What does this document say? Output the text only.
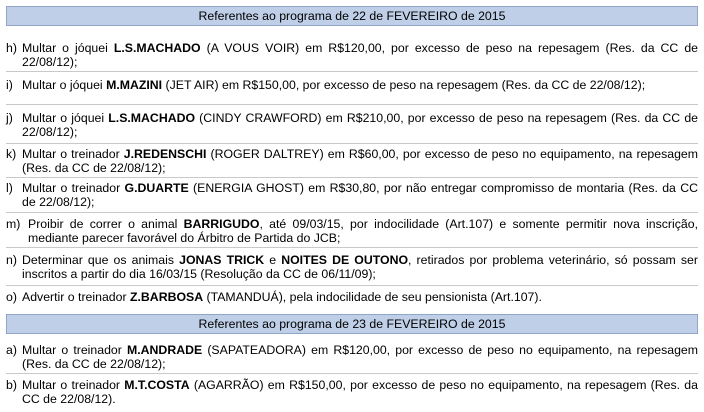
Referentes ao programa de 22 de FEVEREIRO de 2015
h) Multar o jóquei L.S.MACHADO (A VOUS VOIR) em R$120,00, por excesso de peso na repesagem (Res. da CC de 22/08/12);
i) Multar o jóquei M.MAZINI (JET AIR) em R$150,00, por excesso de peso na repesagem (Res. da CC de 22/08/12);
j) Multar o jóquei L.S.MACHADO (CINDY CRAWFORD) em R$210,00, por excesso de peso na repesagem (Res. da CC de 22/08/12);
k) Multar o treinador J.REDENSCHI (ROGER DALTREY) em R$60,00, por excesso de peso no equipamento, na repesagem (Res. da CC de 22/08/12);
l) Multar o treinador G.DUARTE (ENERGIA GHOST) em R$30,80, por não entregar compromisso de montaria (Res. da CC de 22/08/12);
m) Proibir de correr o animal BARRIGUDO, até 09/03/15, por indocilidade (Art.107) e somente permitir nova inscrição, mediante parecer favorável do Árbitro de Partida do JCB;
n) Determinar que os animais JONAS TRICK e NOITES DE OUTONO, retirados por problema veterinário, só possam ser inscritos a partir do dia 16/03/15 (Resolução da CC de 06/11/09);
o) Advertir o treinador Z.BARBOSA (TAMANDUÁ), pela indocilidade de seu pensionista (Art.107).
Referentes ao programa de 23 de FEVEREIRO de 2015
a) Multar o treinador M.ANDRADE (SAPATEADORA) em R$120,00, por excesso de peso no equipamento, na repesagem (Res. da CC de 22/08/12);
b) Multar o treinador M.T.COSTA (AGARRÃO) em R$150,00, por excesso de peso no equipamento, na repesagem (Res. da CC de 22/08/12).
